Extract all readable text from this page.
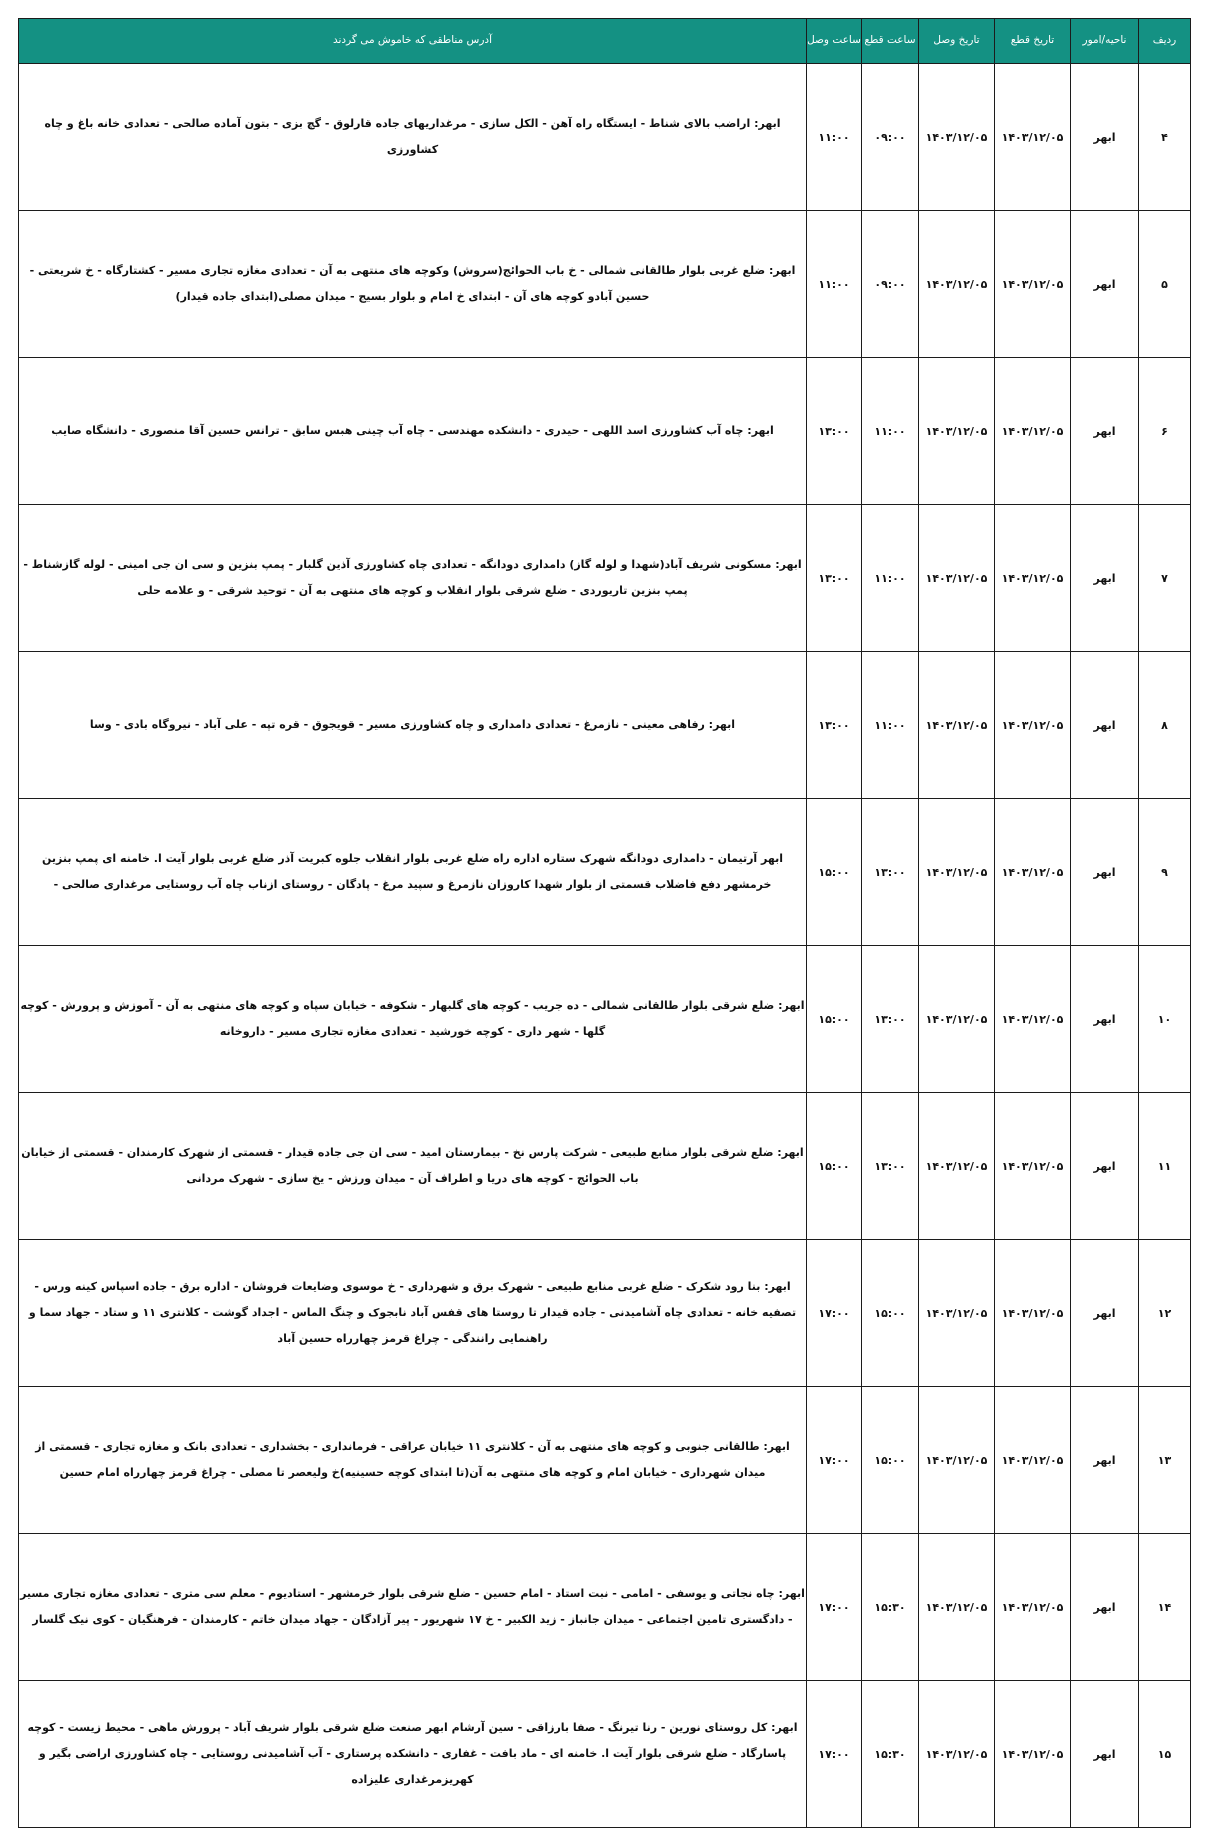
ردیف	ناحیه/امور	تاریخ قطع	تاریخ وصل	ساعت قطع	ساعت وصل	آدرس مناطقی که خاموش می گردند
۴	ابهر	۱۴۰۳/۱۲/۰۵	۱۴۰۳/۱۲/۰۵	۰۹:۰۰	۱۱:۰۰	ابهر: اراضب بالای شناط - ایستگاه راه آهن - الکل سازی - مرغداریهای جاده قارلوق - گچ بزی - بتون آماده صالحی - تعدادی خانه باغ و چاه کشاورزی
۵	ابهر	۱۴۰۳/۱۲/۰۵	۱۴۰۳/۱۲/۰۵	۰۹:۰۰	۱۱:۰۰	ابهر: ضلع غربی بلوار طالقانی شمالی - خ باب الحوائج(سروش) وکوچه های منتهی به آن - تعدادی مغازه تجاری مسیر - کشتارگاه - خ شریعتی - حسین آبادو کوچه های آن - ابتدای خ امام و بلوار بسیج - میدان مصلی(ابتدای جاده قیدار)
۶	ابهر	۱۴۰۳/۱۲/۰۵	۱۴۰۳/۱۲/۰۵	۱۱:۰۰	۱۳:۰۰	ابهر: چاه آب کشاورزی اسد اللهی - حیدری - دانشکده مهندسی - چاه آب چینی هبس سابق - ترانس حسین آقا منصوری - دانشگاه صایب
۷	ابهر	۱۴۰۳/۱۲/۰۵	۱۴۰۳/۱۲/۰۵	۱۱:۰۰	۱۳:۰۰	ابهر: مسکونی شریف آباد(شهدا و لوله گاز) دامداری دودانگه - تعدادی چاه کشاورزی آذین گلبار - پمپ بنزین و سی ان جی امینی - لوله گازشناط - پمپ بنزین تاریوردی - ضلع شرقی بلوار انقلاب و کوچه های منتهی به آن - توحید شرقی - و علامه حلی
۸	ابهر	۱۴۰۳/۱۲/۰۵	۱۴۰۳/۱۲/۰۵	۱۱:۰۰	۱۳:۰۰	ابهر: رفاهی معینی - نازمرغ - تعدادی دامداری و چاه کشاورزی مسیر - قویجوق - قره تپه - علی آباد - نیروگاه بادی - وسا
۹	ابهر	۱۴۰۳/۱۲/۰۵	۱۴۰۳/۱۲/۰۵	۱۳:۰۰	۱۵:۰۰	ابهر آرتیمان - دامداری دودانگه شهرک ستاره اداره راه ضلع غربی بلوار انقلاب جلوه کبریت آذر ضلع غربی بلوار آیت ا. خامنه ای پمپ بنزین خرمشهر دفع فاضلاب قسمتی از بلوار شهدا کاروزان نازمرغ و سپید مرغ - پادگان - روستای ازناب چاه آب روستایی مرغداری صالحی -
۱۰	ابهر	۱۴۰۳/۱۲/۰۵	۱۴۰۳/۱۲/۰۵	۱۳:۰۰	۱۵:۰۰	ابهر: ضلع شرقی بلوار طالقانی شمالی - ده جریب - کوچه های گلبهار - شکوفه - خیابان سپاه و کوچه های منتهی به آن - آموزش و پرورش - کوچه گلها - شهر داری - کوچه خورشید - تعدادی مغازه تجاری مسیر - داروخانه
۱۱	ابهر	۱۴۰۳/۱۲/۰۵	۱۴۰۳/۱۲/۰۵	۱۳:۰۰	۱۵:۰۰	ابهر: ضلع شرقی بلوار منابع طبیعی - شرکت پارس نخ - بیمارستان امید - سی ان جی جاده قیدار - قسمتی از شهرک کارمندان - قسمتی از خیابان باب الحوائج - کوچه های دریا و اطراف آن - میدان ورزش - یخ سازی - شهرک مردانی
۱۲	ابهر	۱۴۰۳/۱۲/۰۵	۱۴۰۳/۱۲/۰۵	۱۵:۰۰	۱۷:۰۰	ابهر: بنا رود شکرک - ضلع غربی منابع طبیعی - شهرک برق و شهرداری - خ موسوی وضایعات فروشان - اداره برق - جاده اسپاس کینه ورس - تصفیه خانه - تعدادی چاه آشامیدنی - جاده قیدار تا روستا های قفس آباد نابجوک و چنگ الماس - اجداد گوشت - کلانتری ۱۱ و ستاد - جهاد سما و راهنمایی رانندگی - چراغ قرمز چهارراه حسین آباد
۱۳	ابهر	۱۴۰۳/۱۲/۰۵	۱۴۰۳/۱۲/۰۵	۱۵:۰۰	۱۷:۰۰	ابهر: طالقانی جنوبی و کوچه های منتهی به آن - کلانتری ۱۱ خیابان عراقی - فرمانداری - بخشداری - تعدادی بانک و مغازه تجاری - قسمتی از میدان شهرداری - خیابان امام و کوچه های منتهی به آن(تا ابتدای کوچه حسینیه)خ ولیعصر تا مصلی - چراغ قرمز چهارراه امام حسین
۱۴	ابهر	۱۴۰۳/۱۲/۰۵	۱۴۰۳/۱۲/۰۵	۱۵:۳۰	۱۷:۰۰	ابهر: چاه نجاتی و یوسفی - امامی - نبت استاد - امام حسین - ضلع شرقی بلوار خرمشهر - استادیوم - معلم سی متری - تعدادی مغازه تجاری مسیر - دادگستری تامین اجتماعی - میدان جانباز - زید الکبیر - خ ۱۷ شهریور - پیر آزادگان - جهاد میدان خاتم - کارمندان - فرهنگیان - کوی نیک گلسار
۱۵	ابهر	۱۴۰۳/۱۲/۰۵	۱۴۰۳/۱۲/۰۵	۱۵:۳۰	۱۷:۰۰	ابهر: کل روستای نورین - رنا تیرنگ - صفا بارزاقی - سین آرشام ابهر صنعت ضلع شرقی بلوار شریف آباد - پرورش ماهی - محیط زیست - کوچه پاسارگاد - ضلع شرقی بلوار آیت ا. خامنه ای - ماد بافت - غفاری - دانشکده پرستاری - آب آشامیدنی روستایی - چاه کشاورزی اراضی بگیر و کهریزمرغداری علیزاده
